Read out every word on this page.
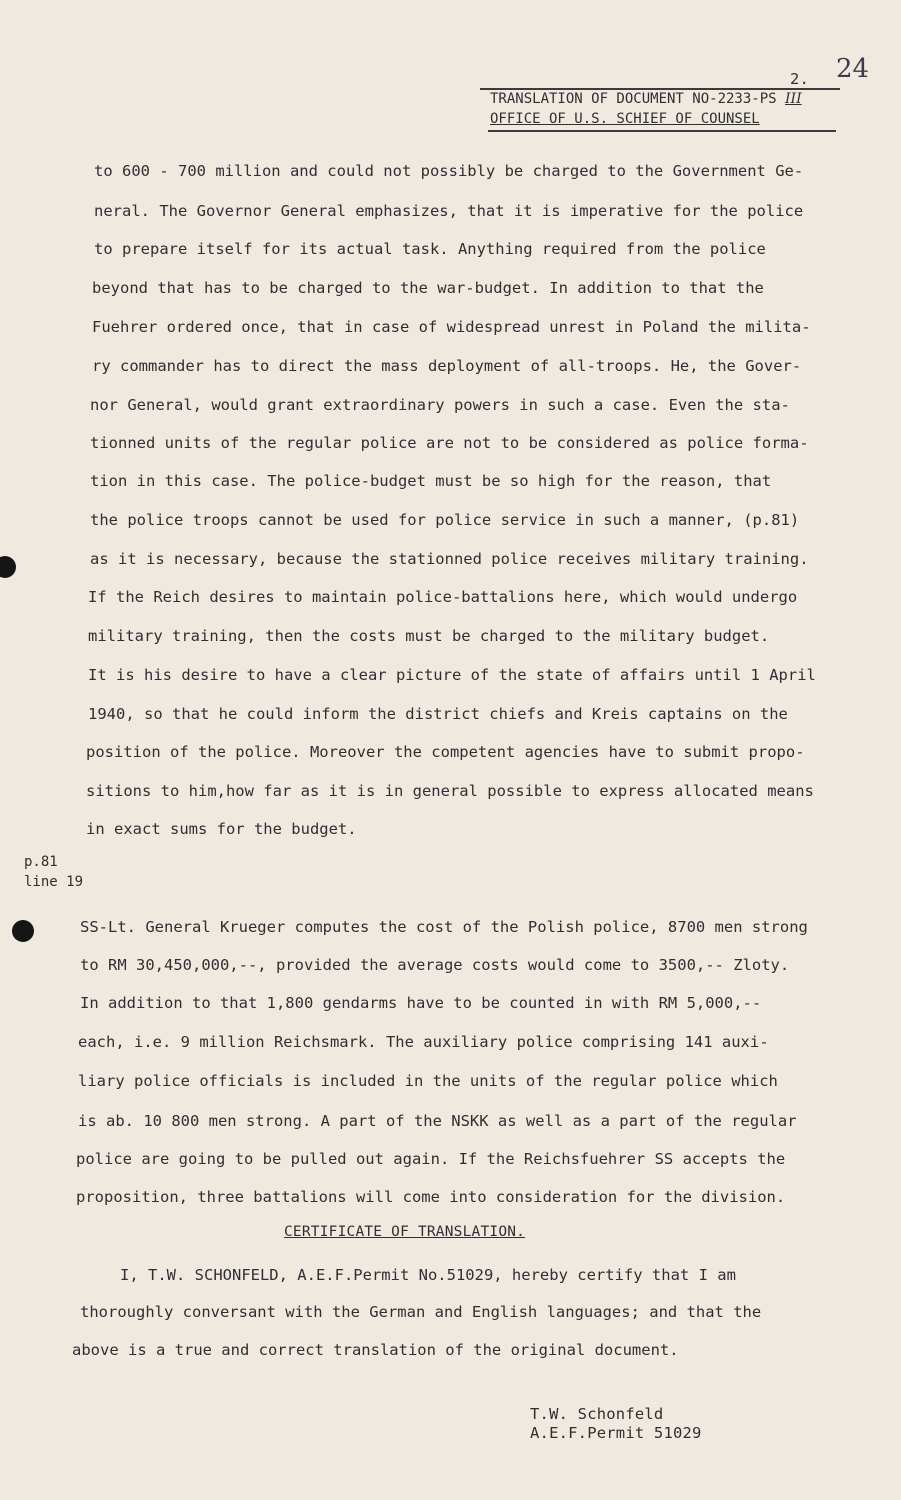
2. 24
TRANSLATION OF DOCUMENT NO-2233-PS III
OFFICE OF U.S. SCHIEF OF COUNSEL
to 600 - 700 million and could not possibly be charged to the Government Ge-
neral. The Governor General emphasizes, that it is imperative for the police
to prepare itself for its actual task. Anything required from the police
beyond that has to be charged to the war-budget. In addition to that the
Fuehrer ordered once, that in case of widespread unrest in Poland the milita-
ry commander has to direct the mass deployment of all-troops. He, the Gover-
nor General, would grant extraordinary powers in such a case. Even the sta-
tionned units of the regular police are not to be considered as police forma-
tion in this case. The police-budget must be so high for the reason, that
the police troops cannot be used for police service in such a manner, (p.81)
as it is necessary, because the stationned police receives military training.
If the Reich desires to maintain police-battalions here, which would undergo
military training, then the costs must be charged to the military budget.
It is his desire to have a clear picture of the state of affairs until 1 April
1940, so that he could inform the district chiefs and Kreis captains on the
position of the police. Moreover the competent agencies have to submit propo-
sitions to him,how far as it is in general possible to express allocated means
in exact sums for the budget.
p.81
line 19
SS-Lt. General Krueger computes the cost of the Polish police, 8700 men strong
to RM 30,450,000,--, provided the average costs would come to 3500,-- Zloty.
In addition to that 1,800 gendarms have to be counted in with RM 5,000,--
each, i.e. 9 million Reichsmark. The auxiliary police comprising 141 auxi-
liary police officials is included in the units of the regular police which
is ab. 10 800 men strong. A part of the NSKK as well as a part of the regular
police are going to be pulled out again. If the Reichsfuehrer SS accepts the
proposition, three battalions will come into consideration for the division.
CERTIFICATE OF TRANSLATION.
I, T.W. SCHONFELD, A.E.F.Permit No.51029, hereby certify that I am
thoroughly conversant with the German and English languages; and that the
above is a true and correct translation of the original document.
T.W. Schonfeld
A.E.F.Permit 51029
